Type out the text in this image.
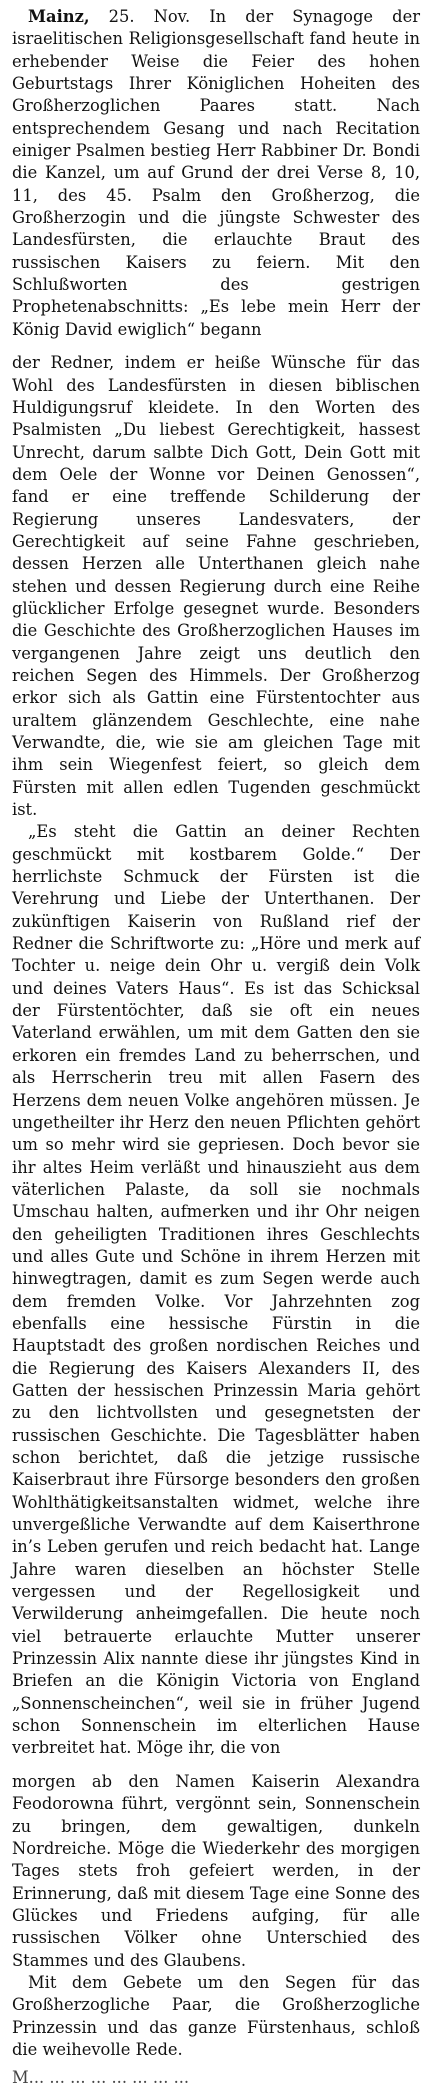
Mainz, 25. Nov. In der Synagoge der israelitischen Religionsgesellschaft fand heute in erhebender Weise die Feier des hohen Geburtstags Ihrer Königlichen Hoheiten des Großherzoglichen Paares statt. Nach entsprechendem Gesang und nach Recitation einiger Psalmen bestieg Herr Rabbiner Dr. Bondi die Kanzel, um auf Grund der drei Verse 8, 10, 11, des 45. Psalm den Großherzog, die Großherzogin und die jüngste Schwester des Landesfürsten, die erlauchte Braut des russischen Kaisers zu feiern. Mit den Schlußworten des gestrigen Prophetenabschnitts: „Es lebe mein Herr der König David ewiglich“ begann

der Redner, indem er heiße Wünsche für das Wohl des Landesfürsten in diesen biblischen Huldigungsruf kleidete. In den Worten des Psalmisten „Du liebest Gerechtigkeit, hassest Unrecht, darum salbte Dich Gott, Dein Gott mit dem Oele der Wonne vor Deinen Genossen“, fand er eine treffende Schilderung der Regierung unseres Landesvaters, der Gerechtigkeit auf seine Fahne geschrieben, dessen Herzen alle Unterthanen gleich nahe stehen und dessen Regierung durch eine Reihe glücklicher Erfolge gesegnet wurde. Besonders die Geschichte des Großherzoglichen Hauses im vergangenen Jahre zeigt uns deutlich den reichen Segen des Himmels. Der Großherzog erkor sich als Gattin eine Fürstentochter aus uraltem glänzendem Geschlechte, eine nahe Verwandte, die, wie sie am gleichen Tage mit ihm sein Wiegenfest feiert, so gleich dem Fürsten mit allen edlen Tugenden geschmückt ist.

„Es steht die Gattin an deiner Rechten geschmückt mit kostbarem Golde.“ Der herrlichste Schmuck der Fürsten ist die Verehrung und Liebe der Unterthanen. Der zukünftigen Kaiserin von Rußland rief der Redner die Schriftworte zu: „Höre und merk auf Tochter u. neige dein Ohr u. vergiß dein Volk und deines Vaters Haus“. Es ist das Schicksal der Fürstentöchter, daß sie oft ein neues Vaterland erwählen, um mit dem Gatten den sie erkoren ein fremdes Land zu beherrschen, und als Herrscherin treu mit allen Fasern des Herzens dem neuen Volke angehören müssen. Je ungetheilter ihr Herz den neuen Pflichten gehört um so mehr wird sie gepriesen. Doch bevor sie ihr altes Heim verläßt und hinauszieht aus dem väterlichen Palaste, da soll sie nochmals Umschau halten, aufmerken und ihr Ohr neigen den geheiligten Traditionen ihres Geschlechts und alles Gute und Schöne in ihrem Herzen mit hinwegtragen, damit es zum Segen werde auch dem fremden Volke. Vor Jahrzehnten zog ebenfalls eine hessische Fürstin in die Hauptstadt des großen nordischen Reiches und die Regierung des Kaisers Alexanders II, des Gatten der hessischen Prinzessin Maria gehört zu den lichtvollsten und gesegnetsten der russischen Geschichte. Die Tagesblätter haben schon berichtet, daß die jetzige russische Kaiserbraut ihre Fürsorge besonders den großen Wohlthätigkeitsanstalten widmet, welche ihre unvergeßliche Verwandte auf dem Kaiserthrone in’s Leben gerufen und reich bedacht hat. Lange Jahre waren dieselben an höchster Stelle vergessen und der Regellosigkeit und Verwilderung anheimgefallen. Die heute noch viel betrauerte erlauchte Mutter unserer Prinzessin Alix nannte diese ihr jüngstes Kind in Briefen an die Königin Victoria von England „Sonnenscheinchen“, weil sie in früher Jugend schon Sonnenschein im elterlichen Hause verbreitet hat. Möge ihr, die von

morgen ab den Namen Kaiserin Alexandra Feodorowna führt, vergönnt sein, Sonnenschein zu bringen, dem gewaltigen, dunkeln Nordreiche. Möge die Wiederkehr des morgigen Tages stets froh gefeiert werden, in der Erinnerung, daß mit diesem Tage eine Sonne des Glückes und Friedens aufging, für alle russischen Völker ohne Unterschied des Stammes und des Glaubens.

Mit dem Gebete um den Segen für das Großherzogliche Paar, die Großherzogliche Prinzessin und das ganze Fürstenhaus, schloß die weihevolle Rede.

M... ... ... ... ... ... ... ...
